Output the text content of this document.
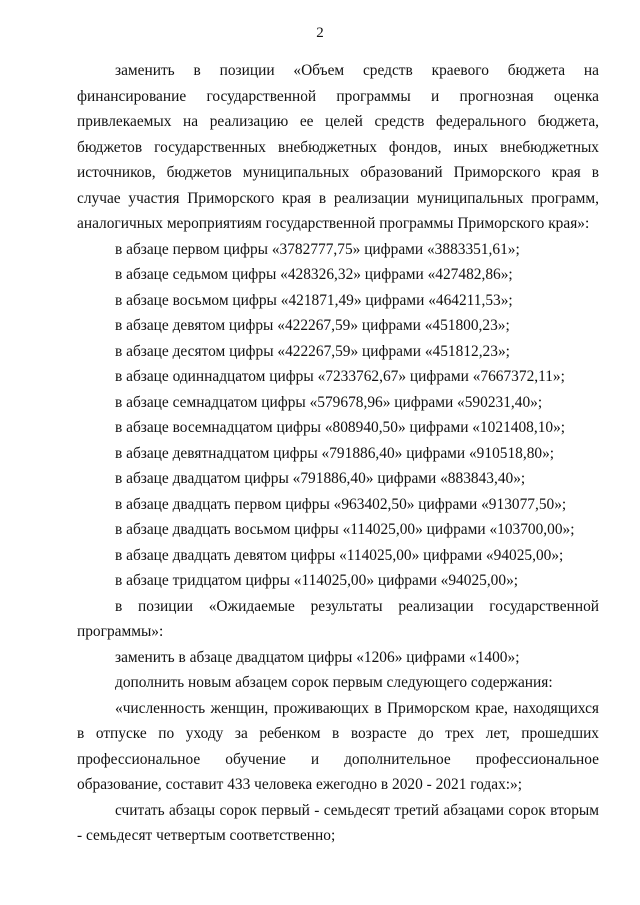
2

заменить в позиции «Объем средств краевого бюджета на финансирование государственной программы и прогнозная оценка привлекаемых на реализацию ее целей средств федерального бюджета, бюджетов государственных внебюджетных фондов, иных внебюджетных источников, бюджетов муниципальных образований Приморского края в случае участия Приморского края в реализации муниципальных программ, аналогичных мероприятиям государственной программы Приморского края»:

в абзаце первом цифры «3782777,75» цифрами «3883351,61»;

в абзаце седьмом цифры «428326,32» цифрами «427482,86»;

в абзаце восьмом цифры «421871,49» цифрами «464211,53»;

в абзаце девятом цифры «422267,59» цифрами «451800,23»;

в абзаце десятом цифры «422267,59» цифрами «451812,23»;

в абзаце одиннадцатом цифры «7233762,67» цифрами «7667372,11»;

в абзаце семнадцатом цифры «579678,96» цифрами «590231,40»;

в абзаце восемнадцатом цифры «808940,50» цифрами «1021408,10»;

в абзаце девятнадцатом цифры «791886,40» цифрами «910518,80»;

в абзаце двадцатом цифры «791886,40» цифрами «883843,40»;

в абзаце двадцать первом цифры «963402,50» цифрами «913077,50»;

в абзаце двадцать восьмом цифры «114025,00» цифрами «103700,00»;

в абзаце двадцать девятом цифры «114025,00» цифрами «94025,00»;

в абзаце тридцатом цифры «114025,00» цифрами «94025,00»;

в позиции «Ожидаемые результаты реализации государственной программы»:

заменить в абзаце двадцатом цифры «1206» цифрами «1400»;

дополнить новым абзацем сорок первым следующего содержания:

«численность женщин, проживающих в Приморском крае, находящихся в отпуске по уходу за ребенком в возрасте до трех лет, прошедших профессиональное обучение и дополнительное профессиональное образование, составит 433 человека ежегодно в 2020 - 2021 годах:»;

считать абзацы сорок первый - семьдесят третий абзацами сорок вторым - семьдесят четвертым соответственно;
